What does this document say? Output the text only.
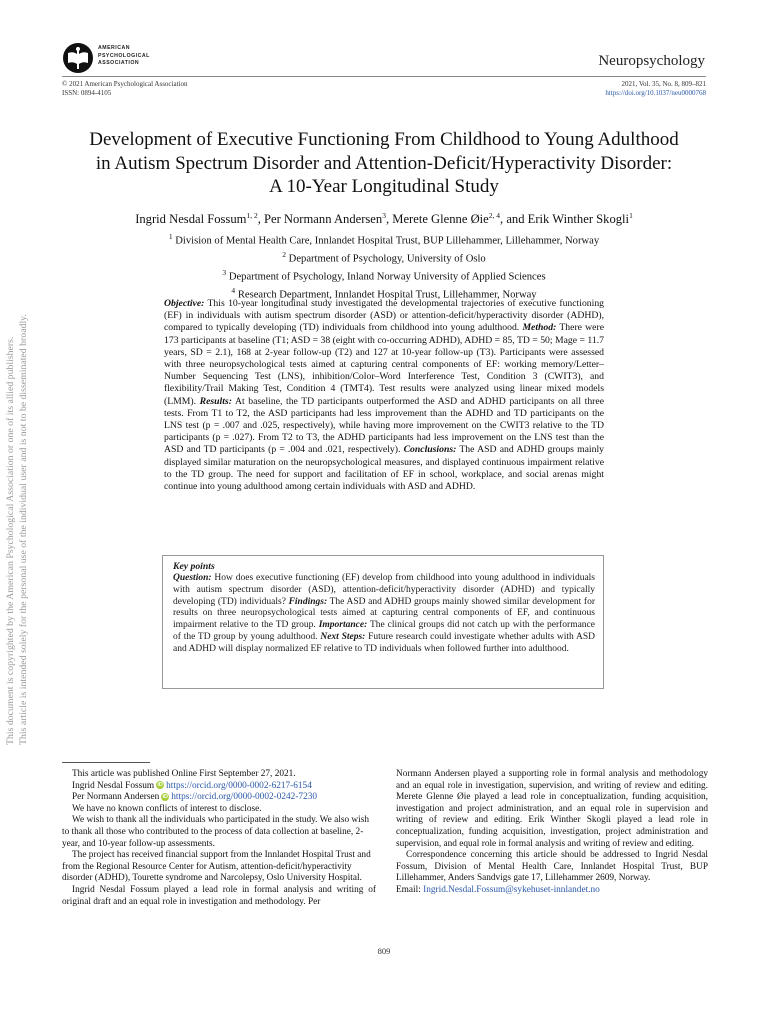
AMERICAN
PSYCHOLOGICAL
ASSOCIATION	Neuropsychology
© 2021 American Psychological Association
ISSN: 0894-4105
2021, Vol. 35, No. 8, 809–821
https://doi.org/10.1037/neu0000768
Development of Executive Functioning From Childhood to Young Adulthood
in Autism Spectrum Disorder and Attention-Deficit/Hyperactivity Disorder:
A 10-Year Longitudinal Study
Ingrid Nesdal Fossum$^{1, 2}$, Per Normann Andersen$^3$, Merete Glenne Øie$^{2, 4}$, and Erik Winther Skogli$^1$
$^1$ Division of Mental Health Care, Innlandet Hospital Trust, BUP Lillehammer, Lillehammer, Norway
$^2$ Department of Psychology, University of Oslo
$^3$ Department of Psychology, Inland Norway University of Applied Sciences
$^4$ Research Department, Innlandet Hospital Trust, Lillehammer, Norway
Objective: This 10-year longitudinal study investigated the developmental trajectories of executive functioning (EF) in individuals with autism spectrum disorder (ASD) or attention-deficit/hyperactivity disorder (ADHD), compared to typically developing (TD) individuals from childhood into young adulthood. Method: There were 173 participants at baseline (T1; ASD = 38 (eight with co-occurring ADHD), ADHD = 85, TD = 50; Mage = 11.7 years, SD = 2.1), 168 at 2-year follow-up (T2) and 127 at 10-year follow-up (T3). Participants were assessed with three neuropsychological tests aimed at capturing central components of EF: working memory/Letter–Number Sequencing Test (LNS), inhibition/Color–Word Interference Test, Condition 3 (CWIT3), and flexibility/Trail Making Test, Condition 4 (TMT4). Test results were analyzed using linear mixed models (LMM). Results: At baseline, the TD participants outperformed the ASD and ADHD participants on all three tests. From T1 to T2, the ASD participants had less improvement than the ADHD and TD participants on the LNS test (p = .007 and .025, respectively), while having more improvement on the CWIT3 relative to the TD participants (p = .027). From T2 to T3, the ADHD participants had less improvement on the LNS test than the ASD and TD participants (p = .004 and .021, respectively). Conclusions: The ASD and ADHD groups mainly displayed similar maturation on the neuropsychological measures, and displayed continuous impairment relative to the TD group. The need for support and facilitation of EF in school, workplace, and social arenas might continue into young adulthood among certain individuals with ASD and ADHD.
Key points
Question: How does executive functioning (EF) develop from childhood into young adulthood in individuals with autism spectrum disorder (ASD), attention-deficit/hyperactivity disorder (ADHD) and typically developing (TD) individuals? Findings: The ASD and ADHD groups mainly showed similar development for results on three neuropsychological tests aimed at capturing central components of EF, and continuous impairment relative to the TD group. Importance: The clinical groups did not catch up with the performance of the TD group by young adulthood. Next Steps: Future research could investigate whether adults with ASD and ADHD will display normalized EF relative to TD individuals when followed further into adulthood.
This document is copyrighted by the American Psychological Association or one of its allied publishers. This article is intended solely for the personal use of the individual user and is not to be disseminated broadly.

This article was published Online First September 27, 2021.

Ingrid Nesdal Fossum iD https://orcid.org/0000-0002-6217-6154

Per Normann Andersen iD https://orcid.org/0000-0002-0242-7230

We have no known conflicts of interest to disclose.

We wish to thank all the individuals who participated in the study. We also wish to thank all those who contributed to the process of data collection at baseline, 2-year, and 10-year follow-up assessments.

The project has received financial support from the Innlandet Hospital Trust and from the Regional Resource Center for Autism, attention-deficit/hyperactivity disorder (ADHD), Tourette syndrome and Narcolepsy, Oslo University Hospital.

Ingrid Nesdal Fossum played a lead role in formal analysis and writing of original draft and an equal role in investigation and methodology. Per

Normann Andersen played a supporting role in formal analysis and methodology and an equal role in investigation, supervision, and writing of review and editing. Merete Glenne Øie played a lead role in conceptualization, funding acquisition, investigation and project administration, and an equal role in supervision and writing of review and editing. Erik Winther Skogli played a lead role in conceptualization, funding acquisition, investigation, project administration and supervision, and equal role in formal analysis and writing of review and editing.

Correspondence concerning this article should be addressed to Ingrid Nesdal Fossum, Division of Mental Health Care, Innlandet Hospital Trust, BUP Lillehammer, Anders Sandvigs gate 17, Lillehammer 2609, Norway.

Email: Ingrid.Nesdal.Fossum@sykehuset-innlandet.no

809
